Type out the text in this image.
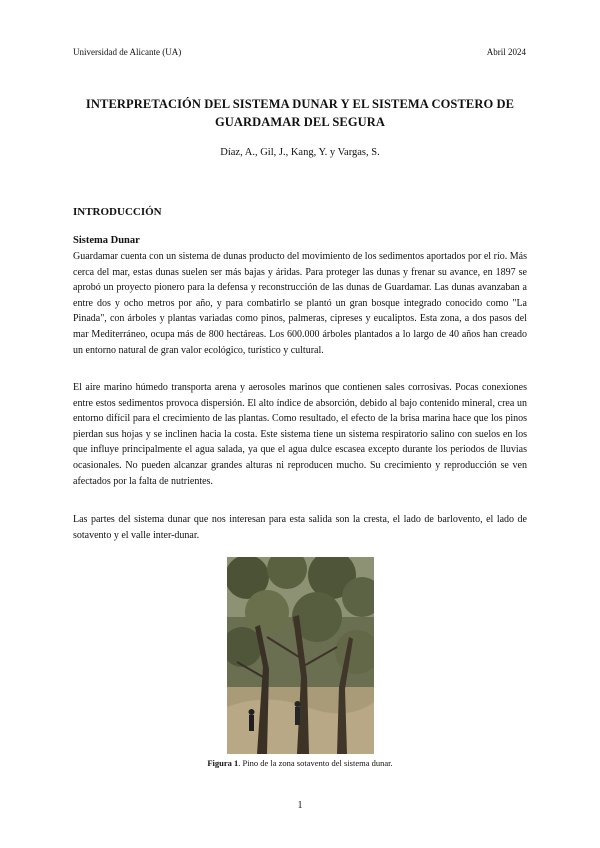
Universidad de Alicante (UA)	Abril 2024
INTERPRETACIÓN DEL SISTEMA DUNAR Y EL SISTEMA COSTERO DE GUARDAMAR DEL SEGURA
Díaz, A., Gil, J., Kang, Y. y Vargas, S.
INTRODUCCIÓN
Sistema Dunar

Guardamar cuenta con un sistema de dunas producto del movimiento de los sedimentos aportados por el río. Más cerca del mar, estas dunas suelen ser más bajas y áridas. Para proteger las dunas y frenar su avance, en 1897 se aprobó un proyecto pionero para la defensa y reconstrucción de las dunas de Guardamar. Las dunas avanzaban a entre dos y ocho metros por año, y para combatirlo se plantó un gran bosque integrado conocido como "La Pinada", con árboles y plantas variadas como pinos, palmeras, cipreses y eucaliptos. Esta zona, a dos pasos del mar Mediterráneo, ocupa más de 800 hectáreas. Los 600.000 árboles plantados a lo largo de 40 años han creado un entorno natural de gran valor ecológico, turístico y cultural.

El aire marino húmedo transporta arena y aerosoles marinos que contienen sales corrosivas. Pocas conexiones entre estos sedimentos provoca dispersión. El alto índice de absorción, debido al bajo contenido mineral, crea un entorno difícil para el crecimiento de las plantas. Como resultado, el efecto de la brisa marina hace que los pinos pierdan sus hojas y se inclinen hacia la costa. Este sistema tiene un sistema respiratorio salino con suelos en los que influye principalmente el agua salada, ya que el agua dulce escasea excepto durante los periodos de lluvias ocasionales. No pueden alcanzar grandes alturas ni reproducen mucho. Su crecimiento y reproducción se ven afectados por la falta de nutrientes.

Las partes del sistema dunar que nos interesan para esta salida son la cresta, el lado de barlovento, el lado de sotavento y el valle inter-dunar.

Figura 1. Pino de la zona sotavento del sistema dunar.
1
